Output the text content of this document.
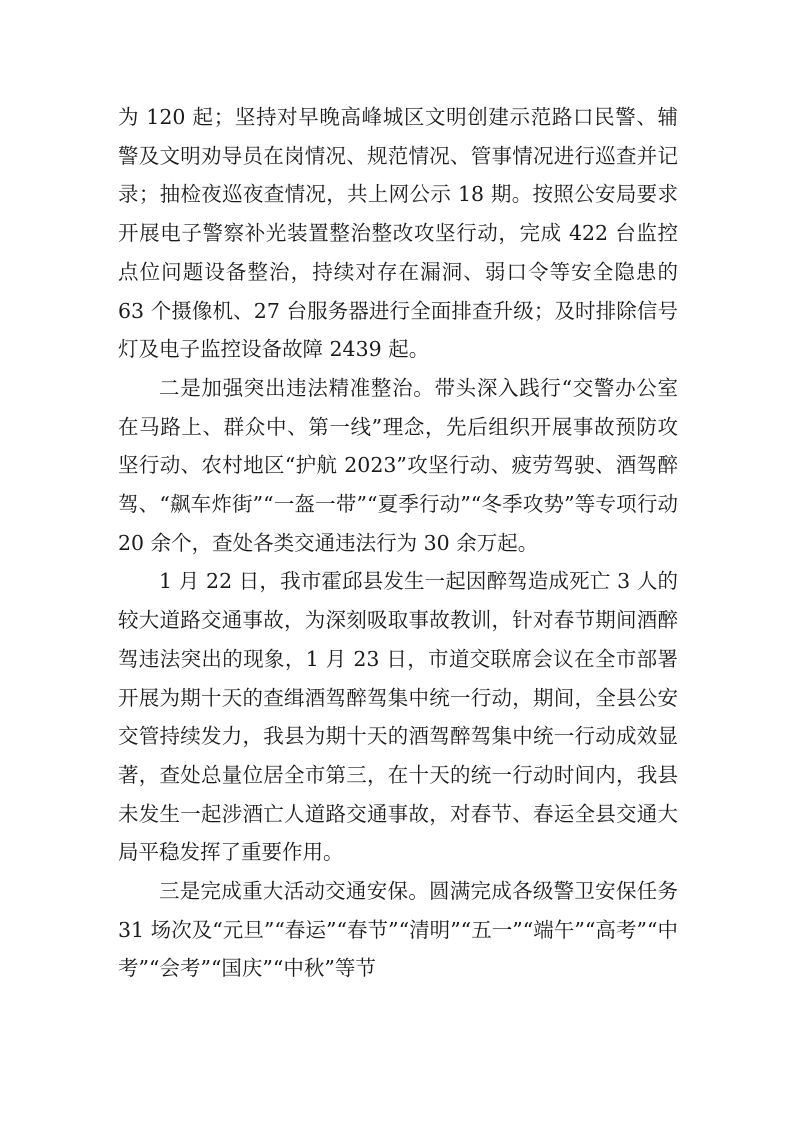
为 120 起；坚持对早晚高峰城区文明创建示范路口民警、辅警及文明劝导员在岗情况、规范情况、管事情况进行巡查并记录；抽检夜巡夜查情况，共上网公示 18 期。按照公安局要求开展电子警察补光装置整治整改攻坚行动，完成 422 台监控点位问题设备整治，持续对存在漏洞、弱口令等安全隐患的 63 个摄像机、27 台服务器进行全面排查升级；及时排除信号灯及电子监控设备故障 2439 起。

二是加强突出违法精准整治。带头深入践行“交警办公室在马路上、群众中、第一线”理念，先后组织开展事故预防攻坚行动、农村地区“护航 2023”攻坚行动、疲劳驾驶、酒驾醉驾、“飙车炸街”“一盔一带”“夏季行动”“冬季攻势”等专项行动 20 余个，查处各类交通违法行为 30 余万起。

1 月 22 日，我市霍邱县发生一起因醉驾造成死亡 3 人的较大道路交通事故，为深刻吸取事故教训，针对春节期间酒醉驾违法突出的现象，1 月 23 日，市道交联席会议在全市部署开展为期十天的查缉酒驾醉驾集中统一行动，期间，全县公安交管持续发力，我县为期十天的酒驾醉驾集中统一行动成效显著，查处总量位居全市第三，在十天的统一行动时间内，我县未发生一起涉酒亡人道路交通事故，对春节、春运全县交通大局平稳发挥了重要作用。

三是完成重大活动交通安保。圆满完成各级警卫安保任务 31 场次及“元旦”“春运”“春节”“清明”“五一”“端午”“高考”“中考”“会考”“国庆”“中秋”等节
